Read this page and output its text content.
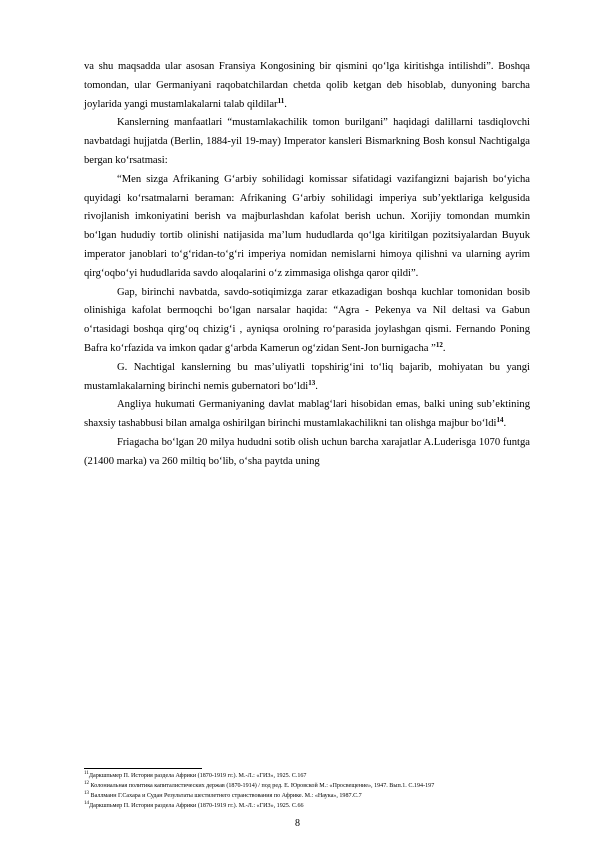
va shu maqsadda ular asosan Fransiya Kongosining bir qismini qo‘lga kiritishga intilishdi”. Boshqa tomondan, ular Germaniyani raqobatchilardan chetda qolib ketgan deb hisoblab, dunyoning barcha joylarida yangi mustamlakalarni talab qildilar$^{11}$.

Kanslerning manfaatlari “mustamlakachilik tomon burilgani” haqidagi dalillarni tasdiqlovchi navbatdagi hujjatda (Berlin, 1884-yil 19-may) Imperator kansleri Bismarkning Bosh konsul Nachtigalga bergan ko‘rsatmasi:

“Men sizga Afrikaning G‘arbiy sohilidagi komissar sifatidagi vazifangizni bajarish bo‘yicha quyidagi ko‘rsatmalarni beraman: Afrikaning G‘arbiy sohilidagi imperiya sub’yektlariga kelgusida rivojlanish imkoniyatini berish va majburlashdan kafolat berish uchun. Xorijiy tomondan mumkin bo‘lgan hududiy tortib olinishi natijasida ma’lum hududlarda qo‘lga kiritilgan pozitsiyalardan Buyuk imperator janoblari to‘g‘ridan-to‘g‘ri imperiya nomidan nemislarni himoya qilishni va ularning ayrim qirg‘oqbo‘yi hududlarida savdo aloqalarini o‘z zimmasiga olishga qaror qildi”.

Gap, birinchi navbatda, savdo-sotiqimizga zarar etkazadigan boshqa kuchlar tomonidan bosib olinishiga kafolat bermoqchi bo‘lgan narsalar haqida: “Agra - Pekenya va Nil deltasi va Gabun o‘rtasidagi boshqa qirg‘oq chizig‘i , ayniqsa orolning ro‘parasida joylashgan qismi. Fernando Poning Bafra ko‘rfazida va imkon qadar g‘arbda Kamerun og‘zidan Sent-Jon burnigacha ”$^{12}$.

G. Nachtigal kanslerning bu mas’uliyatli topshirig‘ini to‘liq bajarib, mohiyatan bu yangi mustamlakalarning birinchi nemis gubernatori bo‘ldi$^{13}$.

Angliya hukumati Germaniyaning davlat mablag‘lari hisobidan emas, balki uning sub’ektining shaxsiy tashabbusi bilan amalga oshirilgan birinchi mustamlakachilikni tan olishga majbur bo‘ldi$^{14}$.

Friagacha bo‘lgan 20 milya hududni sotib olish uchun barcha xarajatlar A.Luderisga 1070 funtga (21400 marka) va 260 miltiq bo‘lib, o‘sha paytda uning

$^{11}$Даркшпьмер П. История раздела Африки (1870-1919 гг.). М.-Л.: «ГИЗ», 1925. С.167

$^{12}$ Колониальная политика капиталистических держав (1870-1914) / под ред. Е. Юровской М.: «Просвещение», 1947. Вып.1. С.194-197

$^{13}$ Валлманн Г.Сахара и Судан Результаты шестилетнего странствования по Африке. М.: «Наука», 1987.С.7

$^{14}$Даркшпьмер П. История раздела Африки (1870-1919 гг.). М.-Л.: «ГИЗ», 1925. С.66

8
